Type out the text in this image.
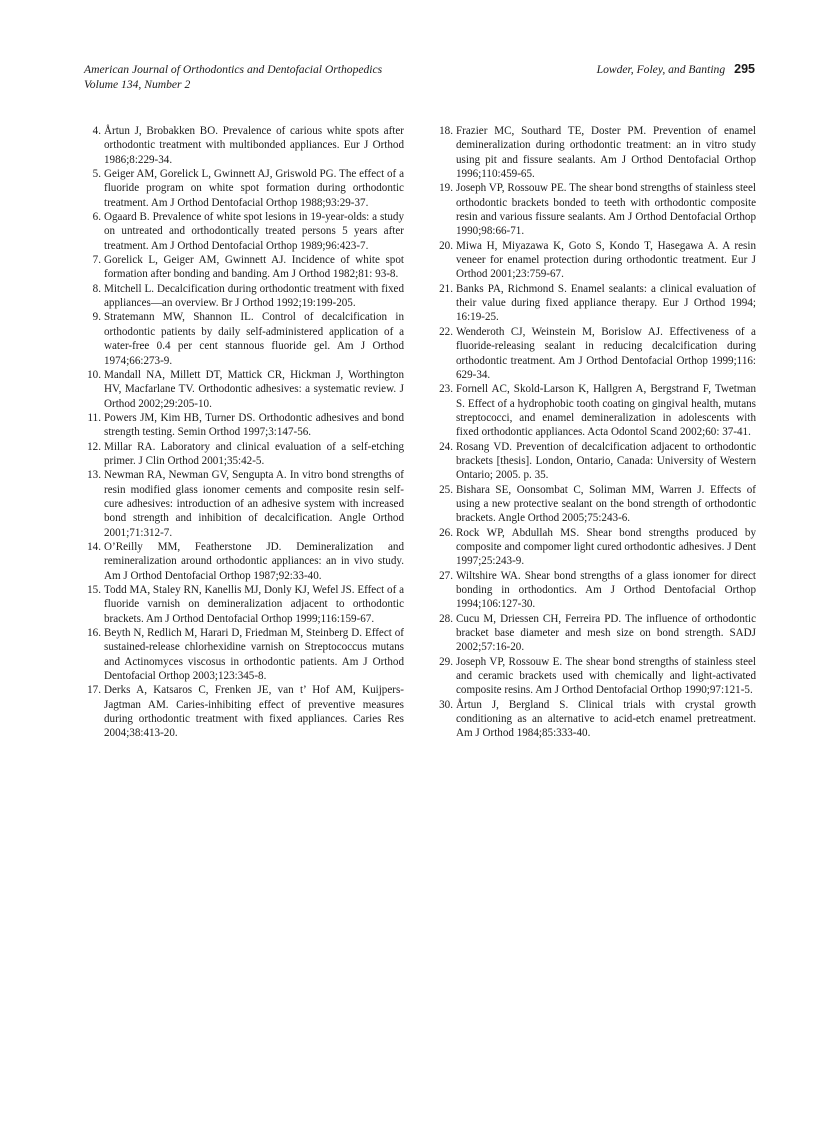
American Journal of Orthodontics and Dentofacial Orthopedics
Volume 134, Number 2
Lowder, Foley, and Banting 295
4. Årtun J, Brobakken BO. Prevalence of carious white spots after orthodontic treatment with multibonded appliances. Eur J Orthod 1986;8:229-34.
5. Geiger AM, Gorelick L, Gwinnett AJ, Griswold PG. The effect of a fluoride program on white spot formation during orthodontic treatment. Am J Orthod Dentofacial Orthop 1988;93:29-37.
6. Ogaard B. Prevalence of white spot lesions in 19-year-olds: a study on untreated and orthodontically treated persons 5 years after treatment. Am J Orthod Dentofacial Orthop 1989;96:423-7.
7. Gorelick L, Geiger AM, Gwinnett AJ. Incidence of white spot formation after bonding and banding. Am J Orthod 1982;81: 93-8.
8. Mitchell L. Decalcification during orthodontic treatment with fixed appliances—an overview. Br J Orthod 1992;19:199-205.
9. Stratemann MW, Shannon IL. Control of decalcification in orthodontic patients by daily self-administered application of a water-free 0.4 per cent stannous fluoride gel. Am J Orthod 1974;66:273-9.
10. Mandall NA, Millett DT, Mattick CR, Hickman J, Worthington HV, Macfarlane TV. Orthodontic adhesives: a systematic review. J Orthod 2002;29:205-10.
11. Powers JM, Kim HB, Turner DS. Orthodontic adhesives and bond strength testing. Semin Orthod 1997;3:147-56.
12. Millar RA. Laboratory and clinical evaluation of a self-etching primer. J Clin Orthod 2001;35:42-5.
13. Newman RA, Newman GV, Sengupta A. In vitro bond strengths of resin modified glass ionomer cements and composite resin self-cure adhesives: introduction of an adhesive system with increased bond strength and inhibition of decalcification. Angle Orthod 2001;71:312-7.
14. O’Reilly MM, Featherstone JD. Demineralization and remineralization around orthodontic appliances: an in vivo study. Am J Orthod Dentofacial Orthop 1987;92:33-40.
15. Todd MA, Staley RN, Kanellis MJ, Donly KJ, Wefel JS. Effect of a fluoride varnish on demineralization adjacent to orthodontic brackets. Am J Orthod Dentofacial Orthop 1999;116:159-67.
16. Beyth N, Redlich M, Harari D, Friedman M, Steinberg D. Effect of sustained-release chlorhexidine varnish on Streptococcus mutans and Actinomyces viscosus in orthodontic patients. Am J Orthod Dentofacial Orthop 2003;123:345-8.
17. Derks A, Katsaros C, Frenken JE, van t’ Hof AM, Kuijpers-Jagtman AM. Caries-inhibiting effect of preventive measures during orthodontic treatment with fixed appliances. Caries Res 2004;38:413-20.
18. Frazier MC, Southard TE, Doster PM. Prevention of enamel demineralization during orthodontic treatment: an in vitro study using pit and fissure sealants. Am J Orthod Dentofacial Orthop 1996;110:459-65.
19. Joseph VP, Rossouw PE. The shear bond strengths of stainless steel orthodontic brackets bonded to teeth with orthodontic composite resin and various fissure sealants. Am J Orthod Dentofacial Orthop 1990;98:66-71.
20. Miwa H, Miyazawa K, Goto S, Kondo T, Hasegawa A. A resin veneer for enamel protection during orthodontic treatment. Eur J Orthod 2001;23:759-67.
21. Banks PA, Richmond S. Enamel sealants: a clinical evaluation of their value during fixed appliance therapy. Eur J Orthod 1994; 16:19-25.
22. Wenderoth CJ, Weinstein M, Borislow AJ. Effectiveness of a fluoride-releasing sealant in reducing decalcification during orthodontic treatment. Am J Orthod Dentofacial Orthop 1999;116: 629-34.
23. Fornell AC, Skold-Larson K, Hallgren A, Bergstrand F, Twetman S. Effect of a hydrophobic tooth coating on gingival health, mutans streptococci, and enamel demineralization in adolescents with fixed orthodontic appliances. Acta Odontol Scand 2002;60: 37-41.
24. Rosang VD. Prevention of decalcification adjacent to orthodontic brackets [thesis]. London, Ontario, Canada: University of Western Ontario; 2005. p. 35.
25. Bishara SE, Oonsombat C, Soliman MM, Warren J. Effects of using a new protective sealant on the bond strength of orthodontic brackets. Angle Orthod 2005;75:243-6.
26. Rock WP, Abdullah MS. Shear bond strengths produced by composite and compomer light cured orthodontic adhesives. J Dent 1997;25:243-9.
27. Wiltshire WA. Shear bond strengths of a glass ionomer for direct bonding in orthodontics. Am J Orthod Dentofacial Orthop 1994;106:127-30.
28. Cucu M, Driessen CH, Ferreira PD. The influence of orthodontic bracket base diameter and mesh size on bond strength. SADJ 2002;57:16-20.
29. Joseph VP, Rossouw E. The shear bond strengths of stainless steel and ceramic brackets used with chemically and light-activated composite resins. Am J Orthod Dentofacial Orthop 1990;97:121-5.
30. Årtun J, Bergland S. Clinical trials with crystal growth conditioning as an alternative to acid-etch enamel pretreatment. Am J Orthod 1984;85:333-40.
